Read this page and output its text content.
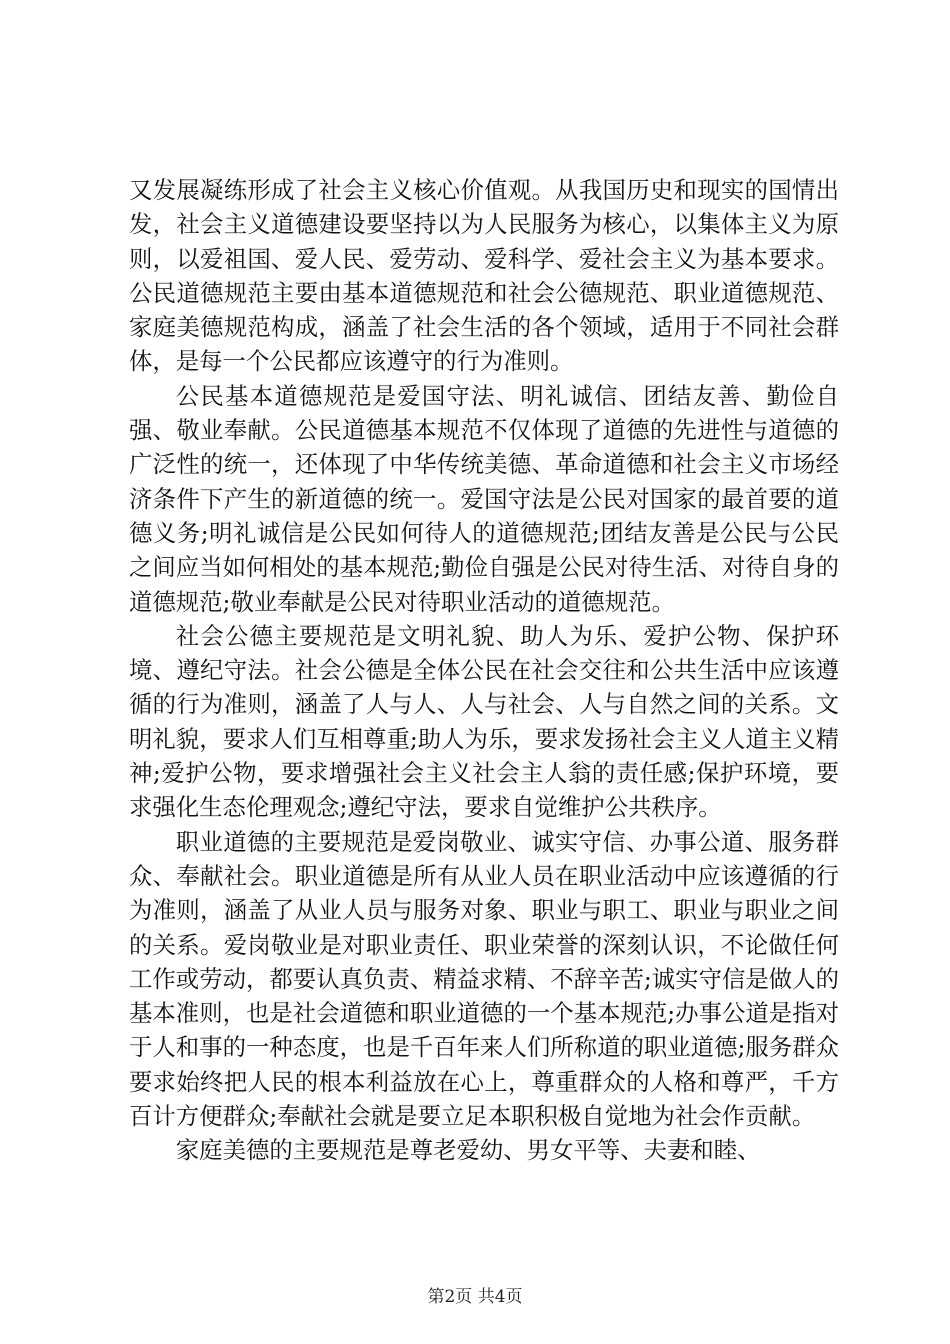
又发展凝练形成了社会主义核心价值观。从我国历史和现实的国情出发，社会主义道德建设要坚持以为人民服务为核心，以集体主义为原则，以爱祖国、爱人民、爱劳动、爱科学、爱社会主义为基本要求。公民道德规范主要由基本道德规范和社会公德规范、职业道德规范、家庭美德规范构成，涵盖了社会生活的各个领域，适用于不同社会群体，是每一个公民都应该遵守的行为准则。

公民基本道德规范是爱国守法、明礼诚信、团结友善、勤俭自强、敬业奉献。公民道德基本规范不仅体现了道德的先进性与道德的广泛性的统一，还体现了中华传统美德、革命道德和社会主义市场经济条件下产生的新道德的统一。爱国守法是公民对国家的最首要的道德义务;明礼诚信是公民如何待人的道德规范;团结友善是公民与公民之间应当如何相处的基本规范;勤俭自强是公民对待生活、对待自身的道德规范;敬业奉献是公民对待职业活动的道德规范。

社会公德主要规范是文明礼貌、助人为乐、爱护公物、保护环境、遵纪守法。社会公德是全体公民在社会交往和公共生活中应该遵循的行为准则，涵盖了人与人、人与社会、人与自然之间的关系。文明礼貌，要求人们互相尊重;助人为乐，要求发扬社会主义人道主义精神;爱护公物，要求增强社会主义社会主人翁的责任感;保护环境，要求强化生态伦理观念;遵纪守法，要求自觉维护公共秩序。

职业道德的主要规范是爱岗敬业、诚实守信、办事公道、服务群众、奉献社会。职业道德是所有从业人员在职业活动中应该遵循的行为准则，涵盖了从业人员与服务对象、职业与职工、职业与职业之间的关系。爱岗敬业是对职业责任、职业荣誉的深刻认识，不论做任何工作或劳动，都要认真负责、精益求精、不辞辛苦;诚实守信是做人的基本准则，也是社会道德和职业道德的一个基本规范;办事公道是指对于人和事的一种态度，也是千百年来人们所称道的职业道德;服务群众要求始终把人民的根本利益放在心上，尊重群众的人格和尊严，千方百计方便群众;奉献社会就是要立足本职积极自觉地为社会作贡献。

家庭美德的主要规范是尊老爱幼、男女平等、夫妻和睦、

第2页 共4页
